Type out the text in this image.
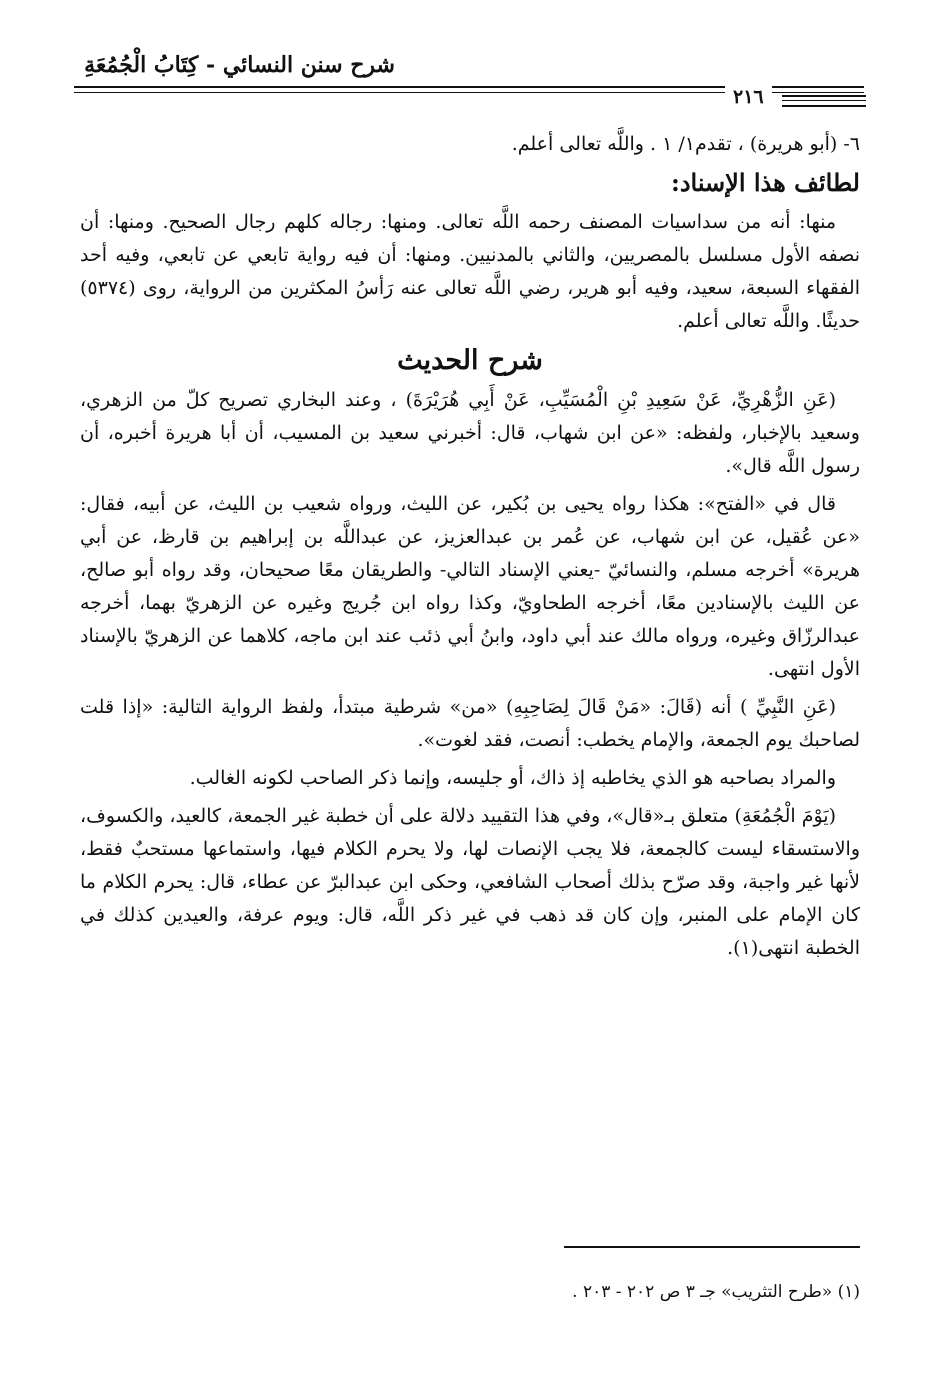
شرح سنن النسائي - كِتَابُ الْجُمُعَةِ
٢١٦

٦- (أبو هريرة) ، تقدم١/ ١ . واللَّه تعالى أعلم.

لطائف هذا الإسناد:

منها: أنه من سداسيات المصنف رحمه اللَّه تعالى. ومنها: رجاله كلهم رجال الصحيح. ومنها: أن نصفه الأول مسلسل بالمصريين، والثاني بالمدنيين. ومنها: أن فيه رواية تابعي عن تابعي، وفيه أحد الفقهاء السبعة، سعيد، وفيه أبو هرير، رضي اللَّه تعالى عنه رَأسُ المكثرين من الرواية، روى (٥٣٧٤) حديثًا. واللَّه تعالى أعلم.

شرح الحديث

(عَنِ الزُّهْرِيِّ، عَنْ سَعِيدِ بْنِ الْمُسَيِّبِ، عَنْ أَبِي هُرَيْرَةَ) ، وعند البخاري تصريح كلّ من الزهري، وسعيد بالإخبار، ولفظه: «عن ابن شهاب، قال: أخبرني سعيد بن المسيب، أن أبا هريرة أخبره، أن رسول اللَّه قال».

قال في «الفتح»: هكذا رواه يحيى بن بُكير، عن الليث، ورواه شعيب بن الليث، عن أبيه، فقال: «عن عُقيل، عن ابن شهاب، عن عُمر بن عبدالعزيز، عن عبداللَّه بن إبراهيم بن قارظ، عن أبي هريرة» أخرجه مسلم، والنسائيّ -يعني الإسناد التالي- والطريقان معًا صحيحان، وقد رواه أبو صالح، عن الليث بالإسنادين معًا، أخرجه الطحاويّ، وكذا رواه ابن جُريج وغيره عن الزهريّ بهما، أخرجه عبدالرزّاق وغيره، ورواه مالك عند أبي داود، وابنُ أبي ذئب عند ابن ماجه، كلاهما عن الزهريّ بالإسناد الأول انتهى.

(عَنِ النَّبِيِّ ) أنه (قَالَ: «مَنْ قَالَ لِصَاحِبِهِ) «من» شرطية مبتدأ، ولفظ الرواية التالية: «إذا قلت لصاحبك يوم الجمعة، والإمام يخطب: أنصت، فقد لغوت».

والمراد بصاحبه هو الذي يخاطبه إذ ذاك، أو جليسه، وإنما ذكر الصاحب لكونه الغالب.

(يَوْمَ الْجُمُعَةِ) متعلق بـ«قال»، وفي هذا التقييد دلالة على أن خطبة غير الجمعة، كالعيد، والكسوف، والاستسقاء ليست كالجمعة، فلا يجب الإنصات لها، ولا يحرم الكلام فيها، واستماعها مستحبٌ فقط، لأنها غير واجبة، وقد صرّح بذلك أصحاب الشافعي، وحكى ابن عبدالبرّ عن عطاء، قال: يحرم الكلام ما كان الإمام على المنبر، وإن كان قد ذهب في غير ذكر اللَّه، قال: ويوم عرفة، والعيدين كذلك في الخطبة انتهى(١).

(١) «طرح التثريب» جـ ٣ ص ٢٠٢ - ٢٠٣ .
